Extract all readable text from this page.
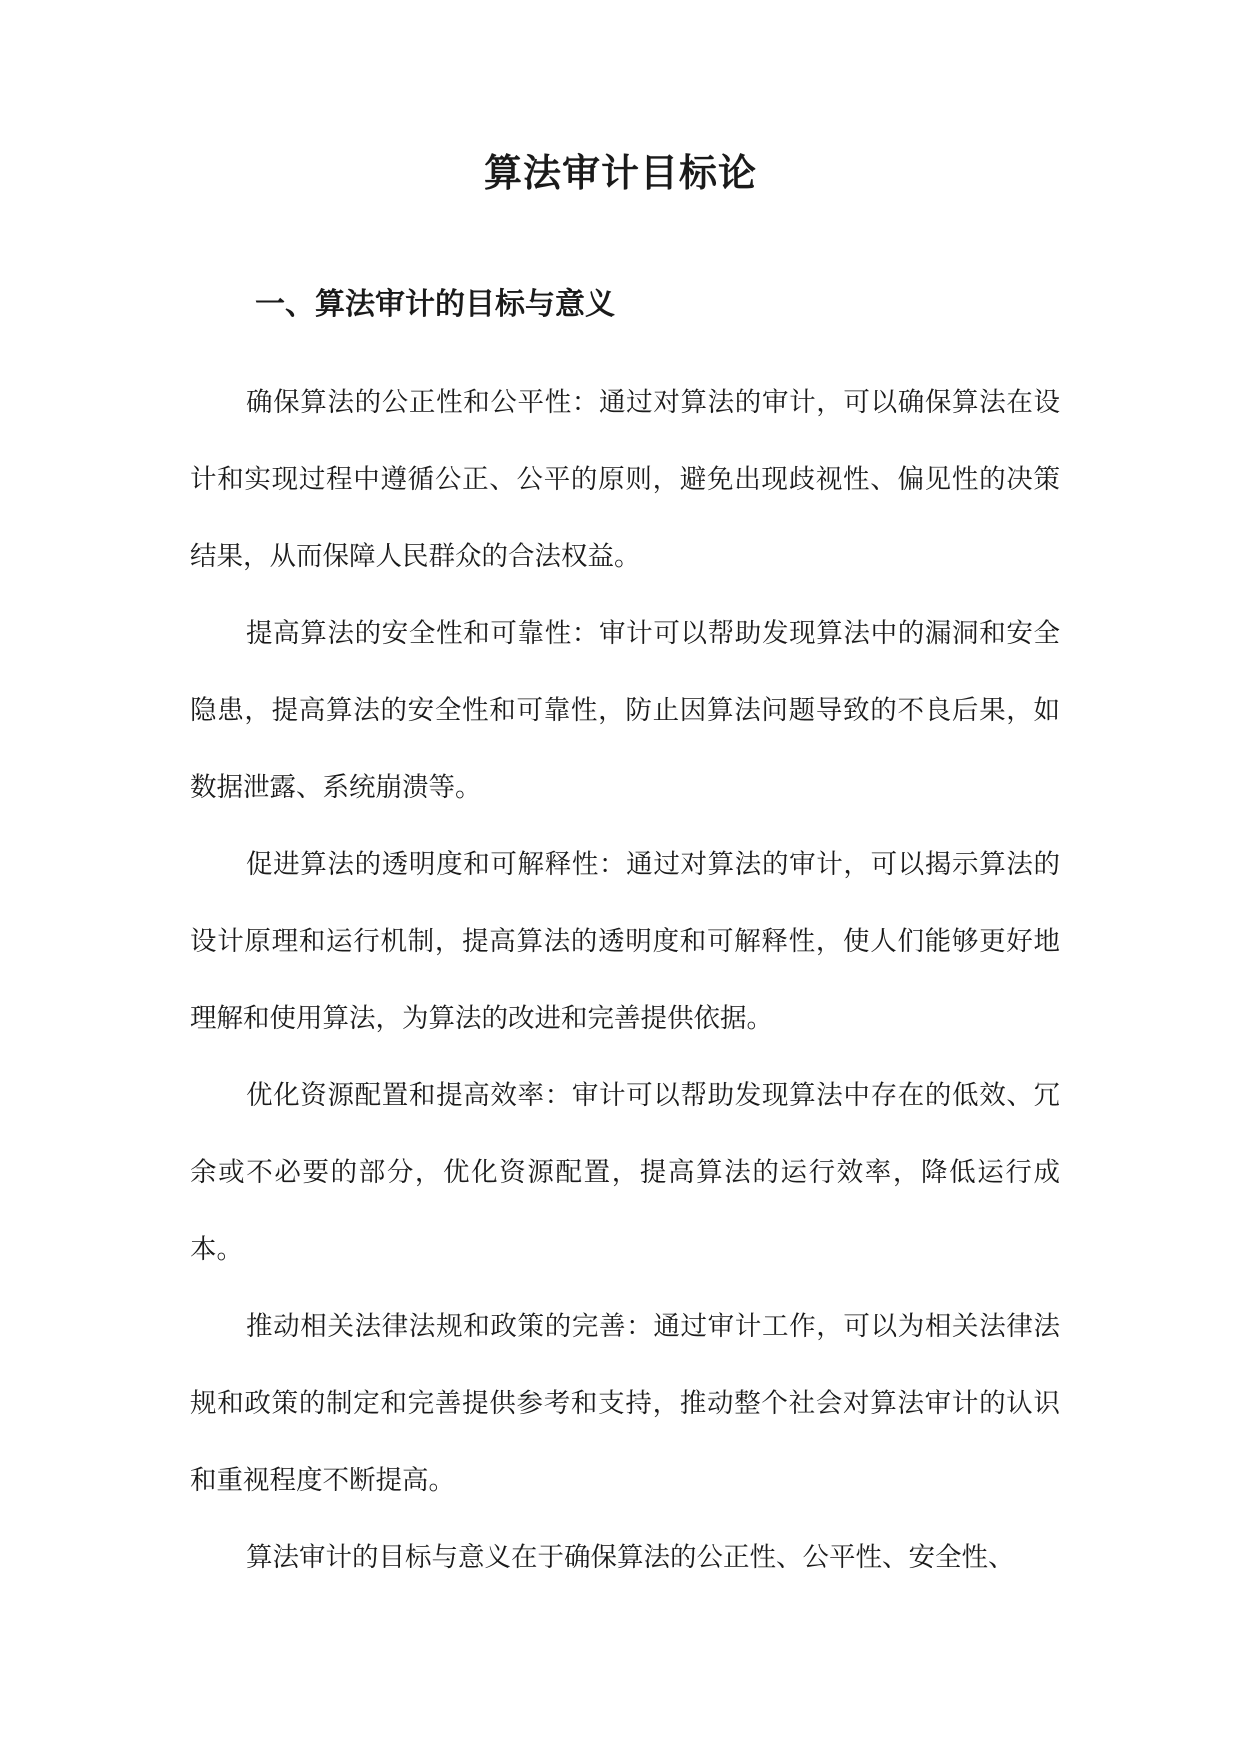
算法审计目标论
一、算法审计的目标与意义

确保算法的公正性和公平性：通过对算法的审计，可以确保算法在设计和实现过程中遵循公正、公平的原则，避免出现歧视性、偏见性的决策结果，从而保障人民群众的合法权益。

提高算法的安全性和可靠性：审计可以帮助发现算法中的漏洞和安全隐患，提高算法的安全性和可靠性，防止因算法问题导致的不良后果，如数据泄露、系统崩溃等。

促进算法的透明度和可解释性：通过对算法的审计，可以揭示算法的设计原理和运行机制，提高算法的透明度和可解释性，使人们能够更好地理解和使用算法，为算法的改进和完善提供依据。

优化资源配置和提高效率：审计可以帮助发现算法中存在的低效、冗余或不必要的部分，优化资源配置，提高算法的运行效率，降低运行成本。

推动相关法律法规和政策的完善：通过审计工作，可以为相关法律法规和政策的制定和完善提供参考和支持，推动整个社会对算法审计的认识和重视程度不断提高。

算法审计的目标与意义在于确保算法的公正性、公平性、安全性、
